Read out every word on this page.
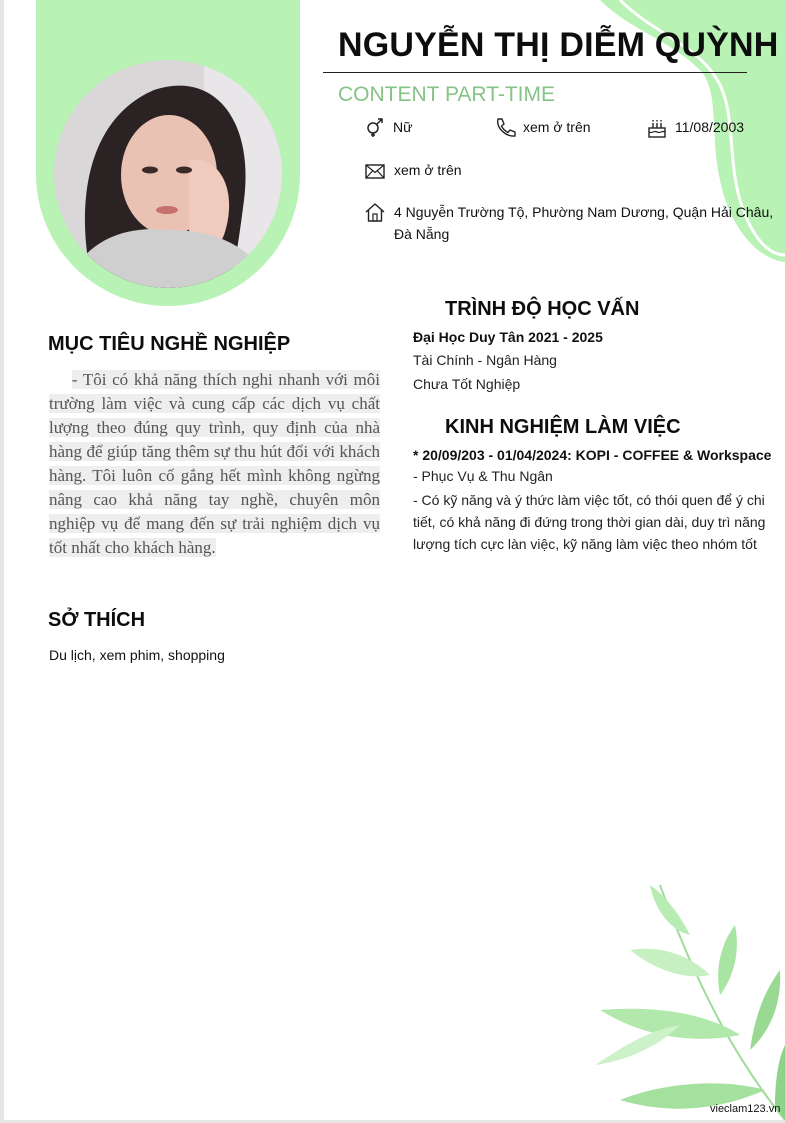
NGUYỄN THỊ DIỄM QUỲNH
CONTENT PART-TIME
Nữ	xem ở trên	11/08/2003
xem ở trên
4 Nguyễn Trường Tộ, Phường Nam Dương, Quận Hải Châu, Đà Nẵng
MỤC TIÊU NGHỀ NGHIỆP
- Tôi có khả năng thích nghi nhanh với môi trường làm việc và cung cấp các dịch vụ chất lượng theo đúng quy trình, quy định của nhà hàng để giúp tăng thêm sự thu hút đối với khách hàng. Tôi luôn cố gắng hết mình không ngừng nâng cao khả năng tay nghề, chuyên môn nghiệp vụ để mang đến sự trải nghiệm dịch vụ tốt nhất cho khách hàng.
SỞ THÍCH
Du lịch, xem phim, shopping
TRÌNH ĐỘ HỌC VẤN
Đại Học Duy Tân 2021 - 2025
Tài Chính - Ngân Hàng
Chưa Tốt Nghiệp
KINH NGHIỆM LÀM VIỆC
* 20/09/203 - 01/04/2024: KOPI - COFFEE & Workspace
- Phục Vụ & Thu Ngân
- Có kỹ năng và ý thức làm việc tốt, có thói quen để ý chi tiết, có khả năng đi đứng trong thời gian dài, duy trì năng lượng tích cực làn việc, kỹ năng làm việc theo nhóm tốt
vieclam123.vn
